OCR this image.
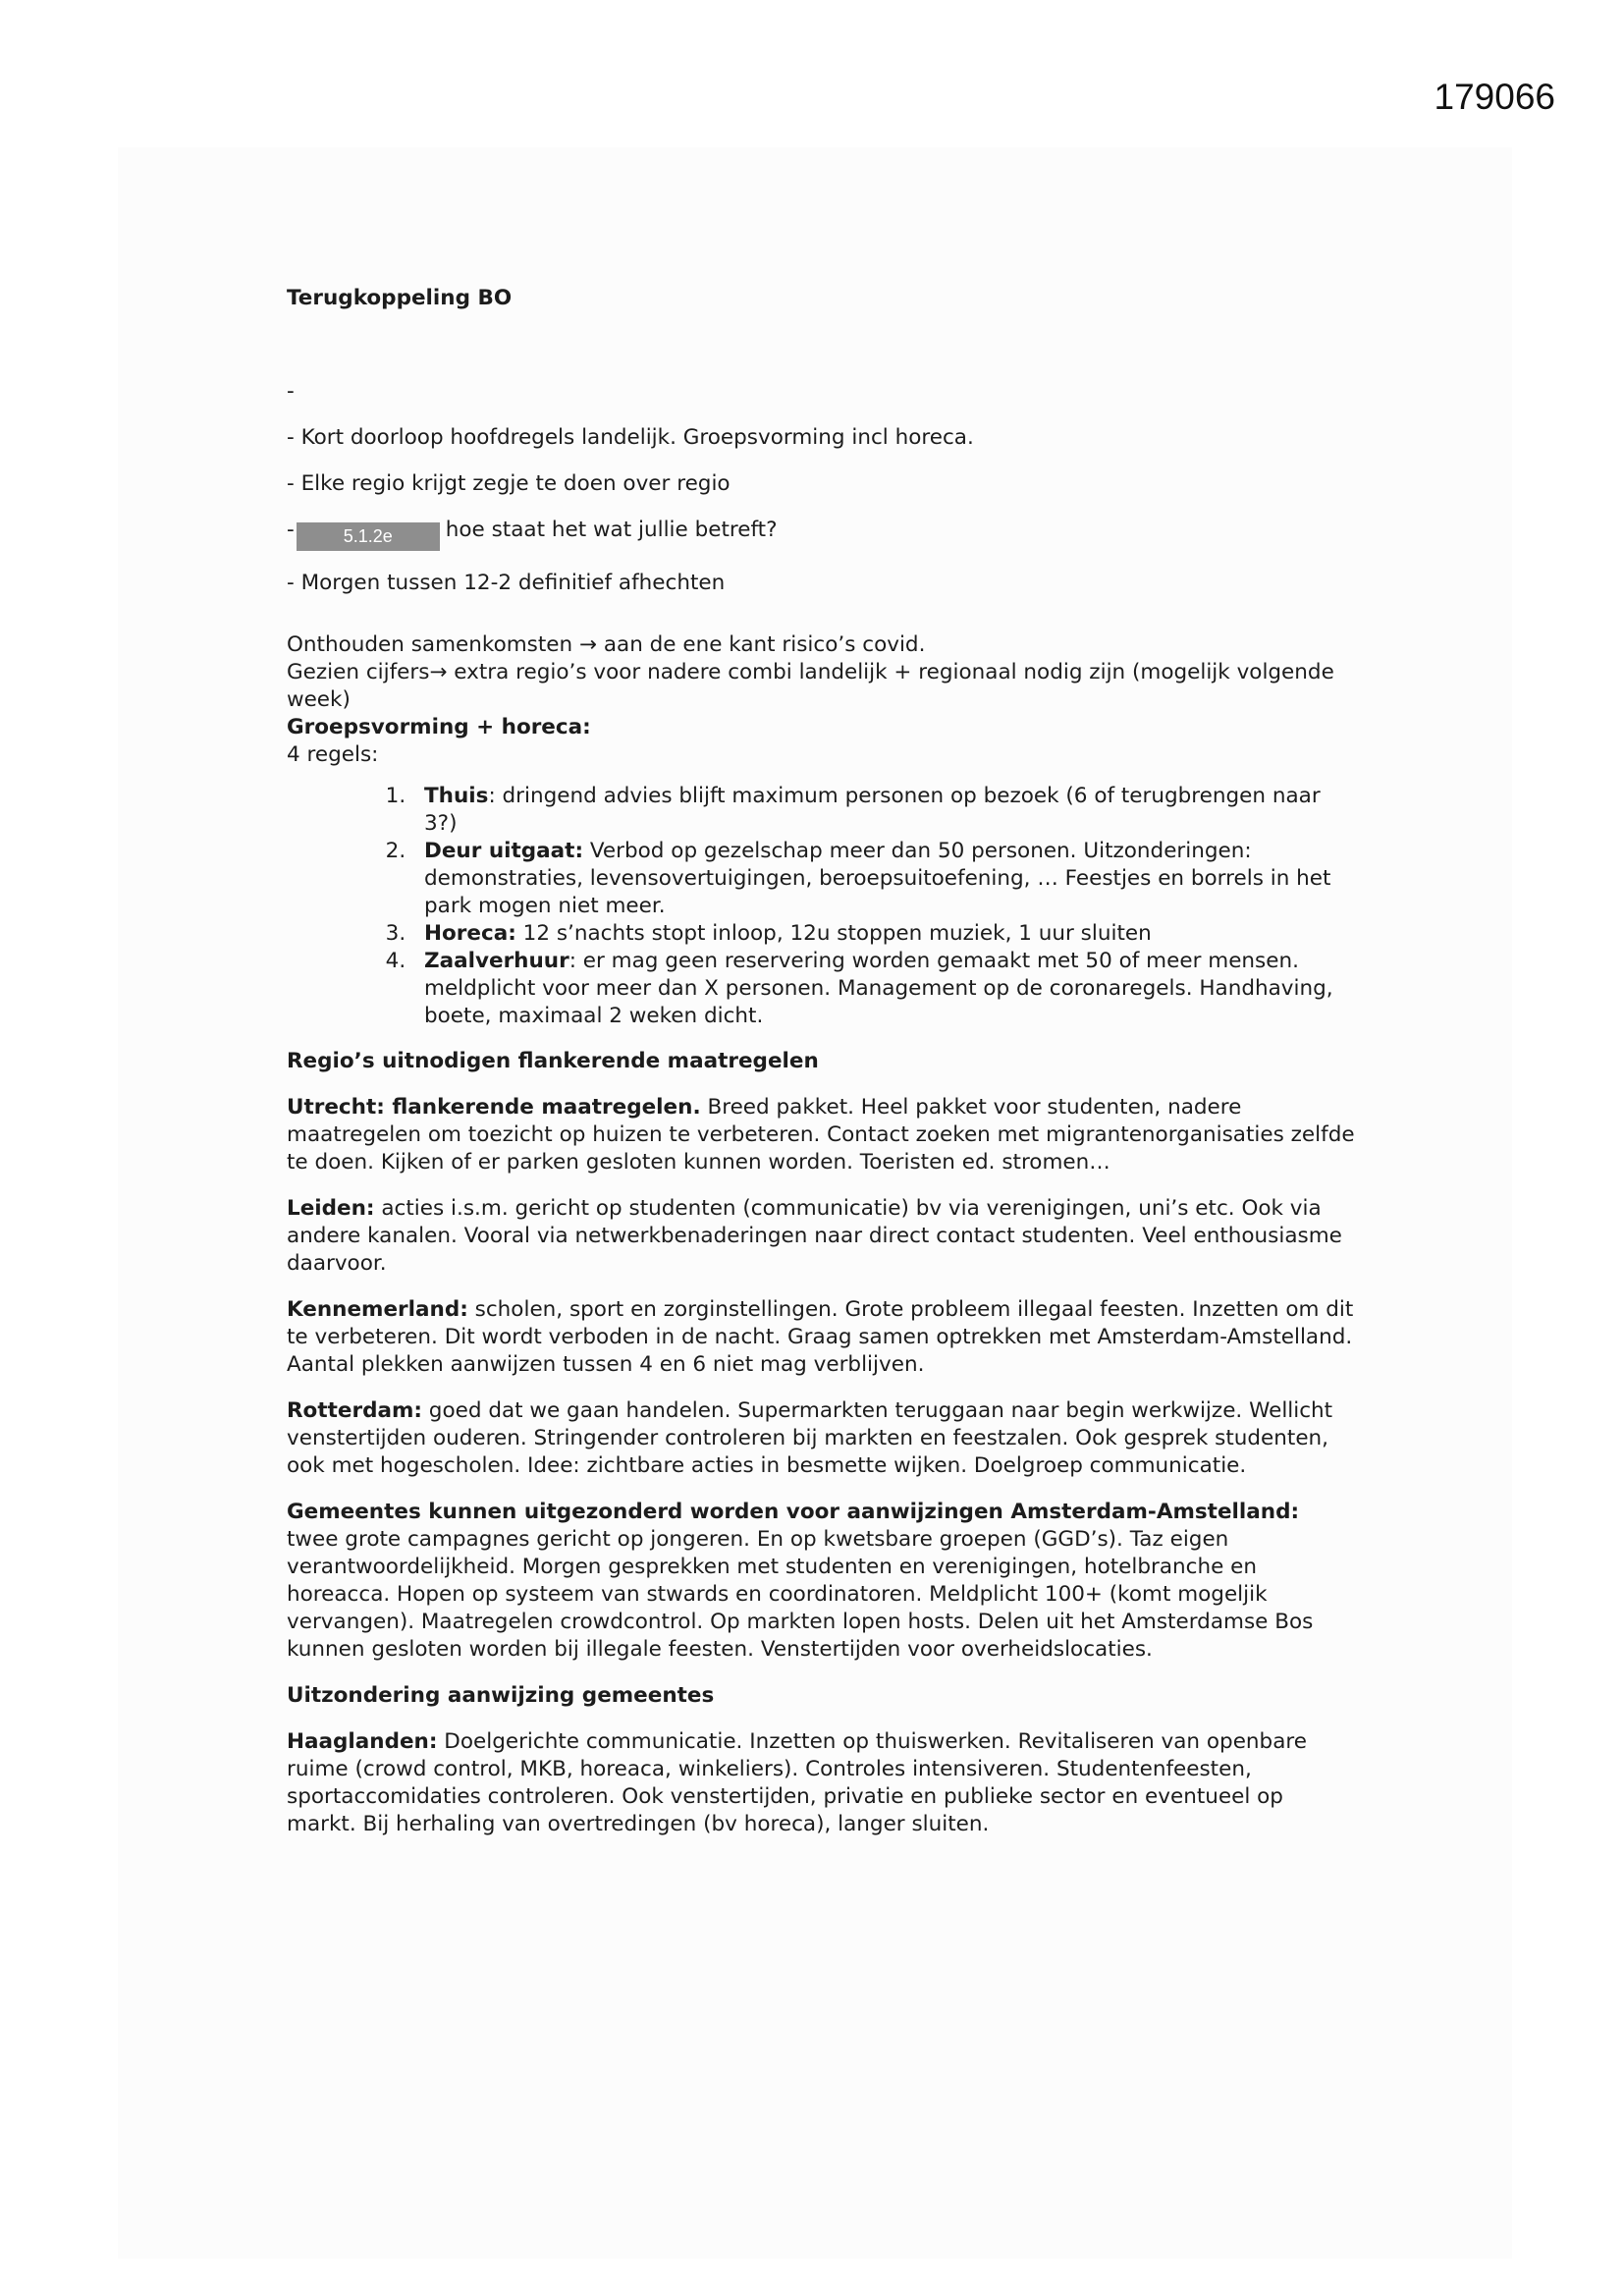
179066

Terugkoppeling BO

-

- Kort doorloop hoofdregels landelijk. Groepsvorming incl horeca.

- Elke regio krijgt zegje te doen over regio

-	5.1.2e	hoe staat het wat jullie betreft?

- Morgen tussen 12-2 definitief afhechten

Onthouden samenkomsten → aan de ene kant risico’s covid.

Gezien cijfers→ extra regio’s voor nadere combi landelijk + regionaal nodig zijn (mogelijk volgende week)

Groepsvorming + horeca:

4 regels:

1. Thuis: dringend advies blijft maximum personen op bezoek (6 of terugbrengen naar 3?)
2. Deur uitgaat: Verbod op gezelschap meer dan 50 personen. Uitzonderingen: demonstraties, levensovertuigingen, beroepsuitoefening, … Feestjes en borrels in het park mogen niet meer.
3. Horeca: 12 s’nachts stopt inloop, 12u stoppen muziek, 1 uur sluiten
4. Zaalverhuur: er mag geen reservering worden gemaakt met 50 of meer mensen. meldplicht voor meer dan X personen. Management op de coronaregels. Handhaving, boete, maximaal 2 weken dicht.

Regio’s uitnodigen flankerende maatregelen

Utrecht: flankerende maatregelen. Breed pakket. Heel pakket voor studenten, nadere maatregelen om toezicht op huizen te verbeteren. Contact zoeken met migrantenorganisaties zelfde te doen. Kijken of er parken gesloten kunnen worden. Toeristen ed. stromen…

Leiden: acties i.s.m. gericht op studenten (communicatie) bv via verenigingen, uni’s etc. Ook via andere kanalen. Vooral via netwerkbenaderingen naar direct contact studenten. Veel enthousiasme daarvoor.

Kennemerland: scholen, sport en zorginstellingen. Grote probleem illegaal feesten. Inzetten om dit te verbeteren. Dit wordt verboden in de nacht. Graag samen optrekken met Amsterdam-Amstelland. Aantal plekken aanwijzen tussen 4 en 6 niet mag verblijven.

Rotterdam: goed dat we gaan handelen. Supermarkten teruggaan naar begin werkwijze. Wellicht venstertijden ouderen. Stringender controleren bij markten en feestzalen. Ook gesprek studenten, ook met hogescholen. Idee: zichtbare acties in besmette wijken. Doelgroep communicatie.

Gemeentes kunnen uitgezonderd worden voor aanwijzingen Amsterdam-Amstelland: twee grote campagnes gericht op jongeren. En op kwetsbare groepen (GGD’s). Taz eigen verantwoordelijkheid. Morgen gesprekken met studenten en verenigingen, hotelbranche en horeacca. Hopen op systeem van stwards en coordinatoren. Meldplicht 100+ (komt mogeljik vervangen). Maatregelen crowdcontrol. Op markten lopen hosts. Delen uit het Amsterdamse Bos kunnen gesloten worden bij illegale feesten. Venstertijden voor overheidslocaties.

Uitzondering aanwijzing gemeentes

Haaglanden: Doelgerichte communicatie. Inzetten op thuiswerken. Revitaliseren van openbare ruime (crowd control, MKB, horeaca, winkeliers). Controles intensiveren. Studentenfeesten, sportaccomidaties controleren. Ook venstertijden, privatie en publieke sector en eventueel op markt. Bij herhaling van overtredingen (bv horeca), langer sluiten.
